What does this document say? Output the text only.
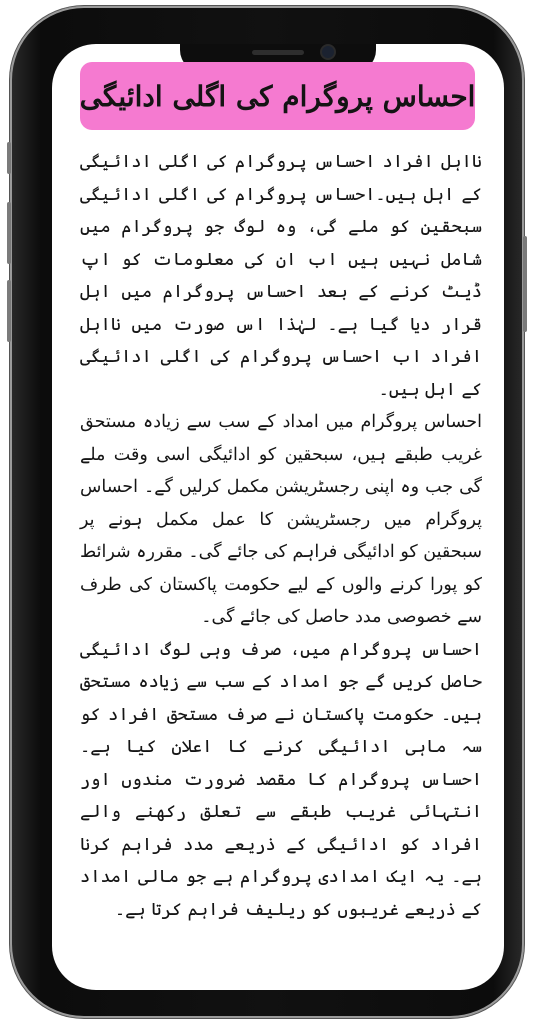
احساس پروگرام کی اگلی ادائیگی

نااہل افراد احساس پروگرام کی اگلی ادائیگی کے اہل ہیں۔احساس پروگرام کی اگلی ادائیگی سبحقین کو ملے گی، وہ لوگ جو پروگرام میں شامل نہیں ہیں اب ان کی معلومات کو اپ ڈیٹ کرنے کے بعد احساس پروگرام میں اہل قرار دیا گیا ہے۔ لہٰذا اس صورت میں نااہل افراد اب احساس پروگرام کی اگلی ادائیگی کے اہل ہیں۔

احساس پروگرام میں امداد کے سب سے زیادہ مستحق غریب طبقے ہیں، سبحقین کو ادائیگی اسی وقت ملے گی جب وہ اپنی رجسٹریشن مکمل کرلیں گے۔ احساس پروگرام میں رجسٹریشن کا عمل مکمل ہونے پر سبحقین کو ادائیگی فراہم کی جائے گی۔ مقررہ شرائط کو پورا کرنے والوں کے لیے حکومت پاکستان کی طرف سے خصوصی مدد حاصل کی جائے گی۔

احساس پروگرام میں، صرف وہی لوگ ادائیگی حاصل کریں گے جو امداد کے سب سے زیادہ مستحق ہیں۔ حکومت پاکستان نے صرف مستحق افراد کو سہ ماہی ادائیگی کرنے کا اعلان کیا ہے۔ احساس پروگرام کا مقصد ضرورت مندوں اور انتہائی غریب طبقے سے تعلق رکھنے والے افراد کو ادائیگی کے ذریعے مدد فراہم کرنا ہے۔ یہ ایک امدادی پروگرام ہے جو مالی امداد کے ذریعے غریبوں کو ریلیف فراہم کرتا ہے۔
